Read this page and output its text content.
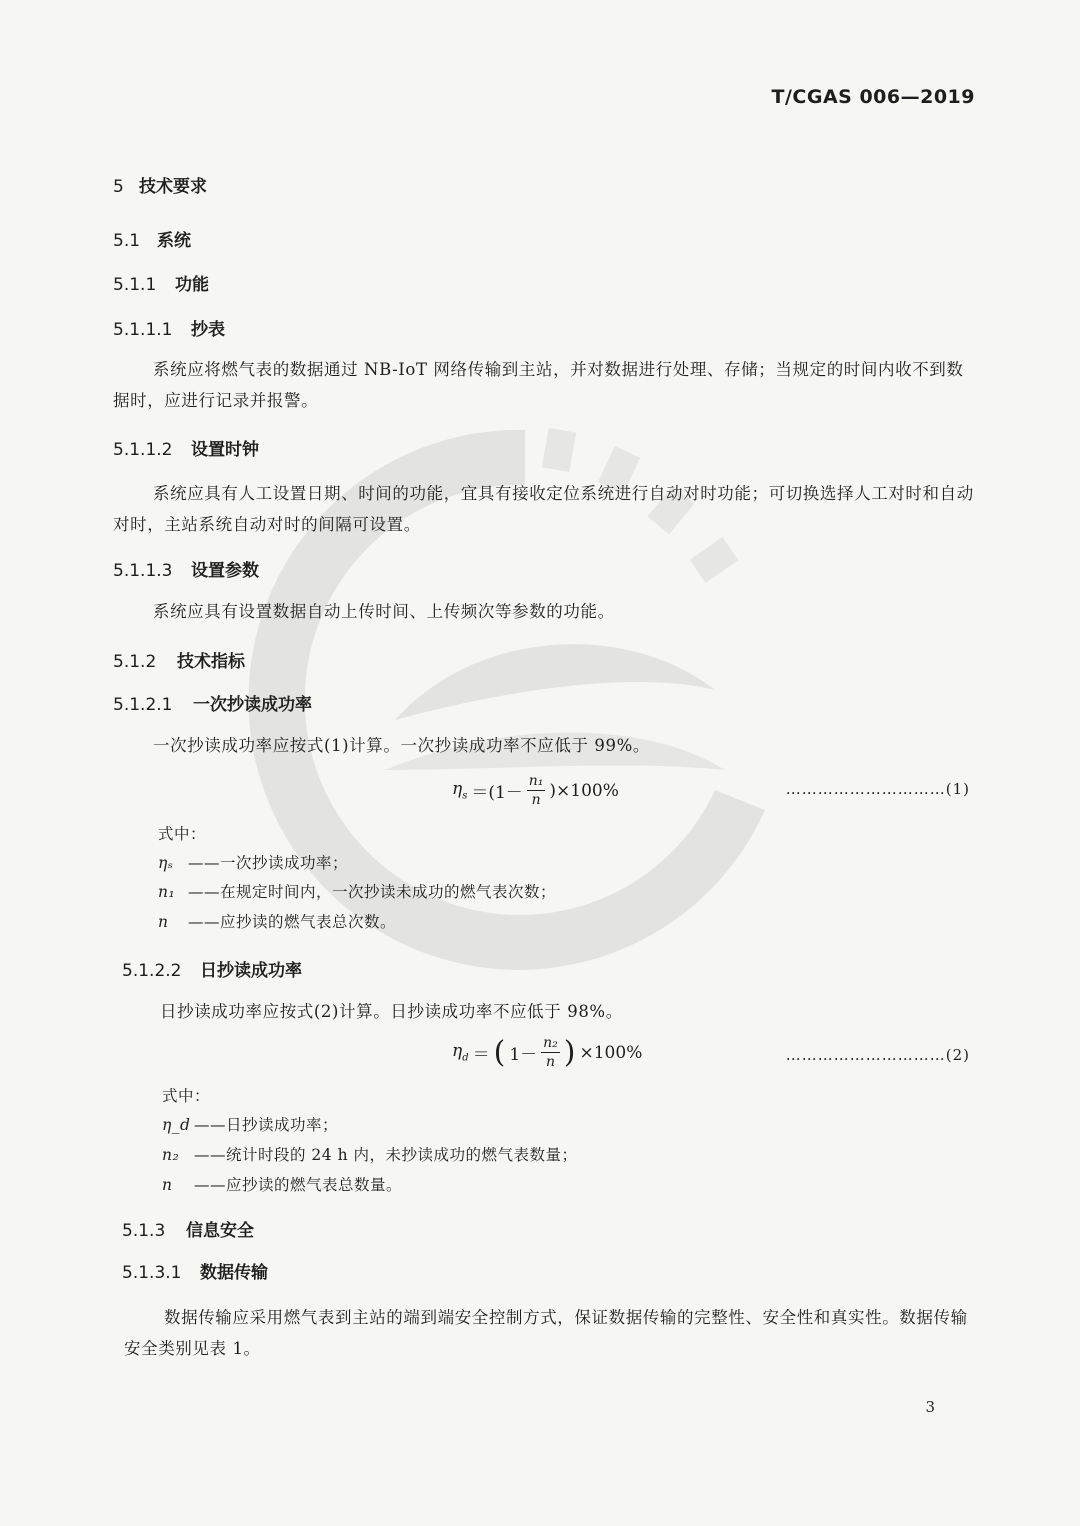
T/CGAS 006—2019
5 技术要求
5.1 系统
5.1.1 功能
5.1.1.1 抄表
系统应将燃气表的数据通过 NB-IoT 网络传输到主站，并对数据进行处理、存储；当规定的时间内收不到数据时，应进行记录并报警。
5.1.1.2 设置时钟
系统应具有人工设置日期、时间的功能，宜具有接收定位系统进行自动对时功能；可切换选择人工对时和自动对时，主站系统自动对时的间隔可设置。
5.1.1.3 设置参数
系统应具有设置数据自动上传时间、上传频次等参数的功能。
5.1.2 技术指标
5.1.2.1 一次抄读成功率
一次抄读成功率应按式(1)计算。一次抄读成功率不应低于 99%。
$\eta_s =(1- \frac{\text{n₁}}{n} )\times 100\%$	…………………………(1)
式中：
ηₛ ——一次抄读成功率；
n₁ ——在规定时间内，一次抄读未成功的燃气表次数；
n ——应抄读的燃气表总次数。
5.1.2.2 日抄读成功率
日抄读成功率应按式(2)计算。日抄读成功率不应低于 98%。
$\eta_d$ ＝ ( $1- \frac{\text{n₂}}{n}$ ) ×100%	…………………………(2)
式中：
η_d ——日抄读成功率；
n₂ ——统计时段的 24 h 内，未抄读成功的燃气表数量；
n ——应抄读的燃气表总数量。
5.1.3 信息安全
5.1.3.1 数据传输
数据传输应采用燃气表到主站的端到端安全控制方式，保证数据传输的完整性、安全性和真实性。数据传输安全类别见表 1。
3
